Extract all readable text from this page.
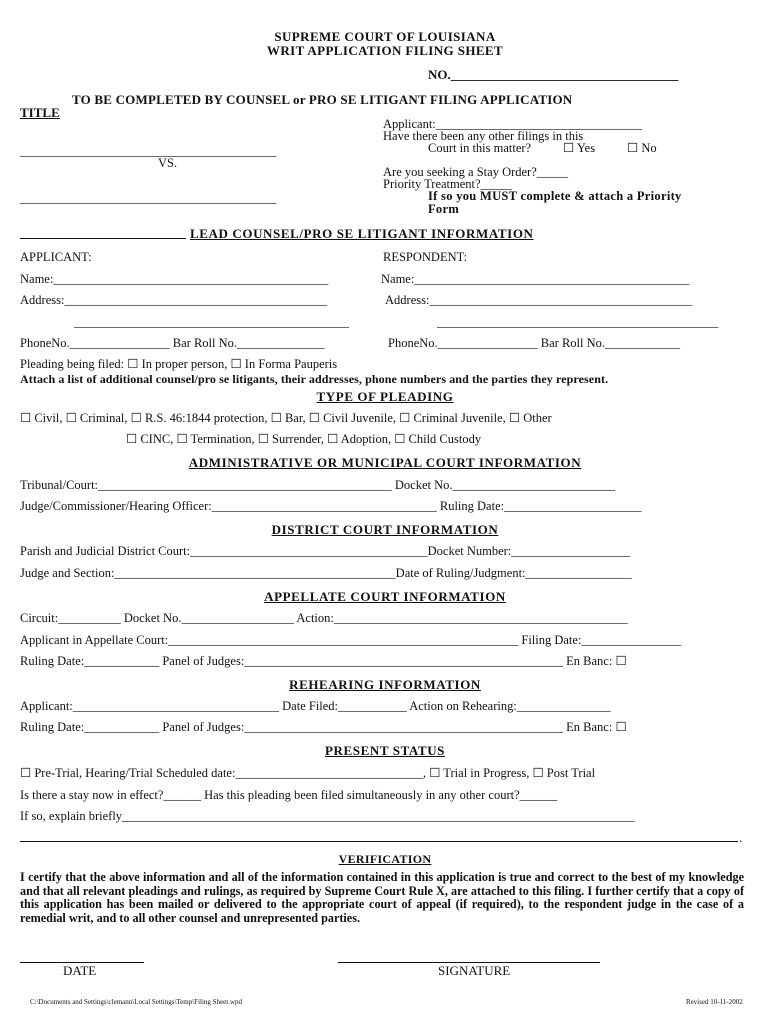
SUPREME COURT OF LOUISIANA
WRIT APPLICATION FILING SHEET
NO.___________________________________
TO BE COMPLETED BY COUNSEL or PRO SE LITIGANT FILING APPLICATION
TITLE
_________________________________________
VS.
_________________________________________
Applicant:_________________________________
Have there been any other filings in this
Court in this matter?	☐ Yes	☐ No
Are you seeking a Stay Order?_____
Priority Treatment?_____
If so you MUST complete & attach a Priority
Form
LEAD COUNSEL/PRO SE LITIGANT INFORMATION
APPLICANT:	RESPONDENT:
Name:____________________________________________	Name:____________________________________________
Address:__________________________________________	Address:__________________________________________
____________________________________________	_____________________________________________
PhoneNo.________________ Bar Roll No.______________	PhoneNo.________________ Bar Roll No.____________
Pleading being filed: ☐ In proper person, ☐ In Forma Pauperis
Attach a list of additional counsel/pro se litigants, their addresses, phone numbers and the parties they represent.
TYPE OF PLEADING
☐ Civil, ☐ Criminal, ☐ R.S. 46:1844 protection, ☐ Bar, ☐ Civil Juvenile, ☐ Criminal Juvenile, ☐ Other
☐ CINC, ☐ Termination, ☐ Surrender, ☐ Adoption, ☐ Child Custody
ADMINISTRATIVE OR MUNICIPAL COURT INFORMATION
Tribunal/Court:_______________________________________________ Docket No.__________________________
Judge/Commissioner/Hearing Officer:____________________________________ Ruling Date:______________________
DISTRICT COURT INFORMATION
Parish and Judicial District Court:______________________________________Docket Number:___________________
Judge and Section:_____________________________________________Date of Ruling/Judgment:_________________
APPELLATE COURT INFORMATION
Circuit:__________ Docket No.__________________ Action:_______________________________________________
Applicant in Appellate Court:________________________________________________________ Filing Date:________________
Ruling Date:____________ Panel of Judges:___________________________________________________ En Banc: ☐
REHEARING INFORMATION
Applicant:_________________________________ Date Filed:___________ Action on Rehearing:_______________
Ruling Date:____________ Panel of Judges:___________________________________________________ En Banc: ☐
PRESENT STATUS
☐ Pre-Trial, Hearing/Trial Scheduled date:______________________________, ☐ Trial in Progress, ☐ Post Trial
Is there a stay now in effect?______ Has this pleading been filed simultaneously in any other court?______
If so, explain briefly__________________________________________________________________________________
.
VERIFICATION
I certify that the above information and all of the information contained in this application is true and correct to the best of my knowledge and that all relevant pleadings and rulings, as required by Supreme Court Rule X, are attached to this filing. I further certify that a copy of this application has been mailed or delivered to the appropriate court of appeal (if required), to the respondent judge in the case of a remedial writ, and to all other counsel and unrepresented parties.
DATE	SIGNATURE
C:\Documents and Settings\clemann\Local Settings\Temp\Filing Sheet.wpd	Revised 10-11-2002
